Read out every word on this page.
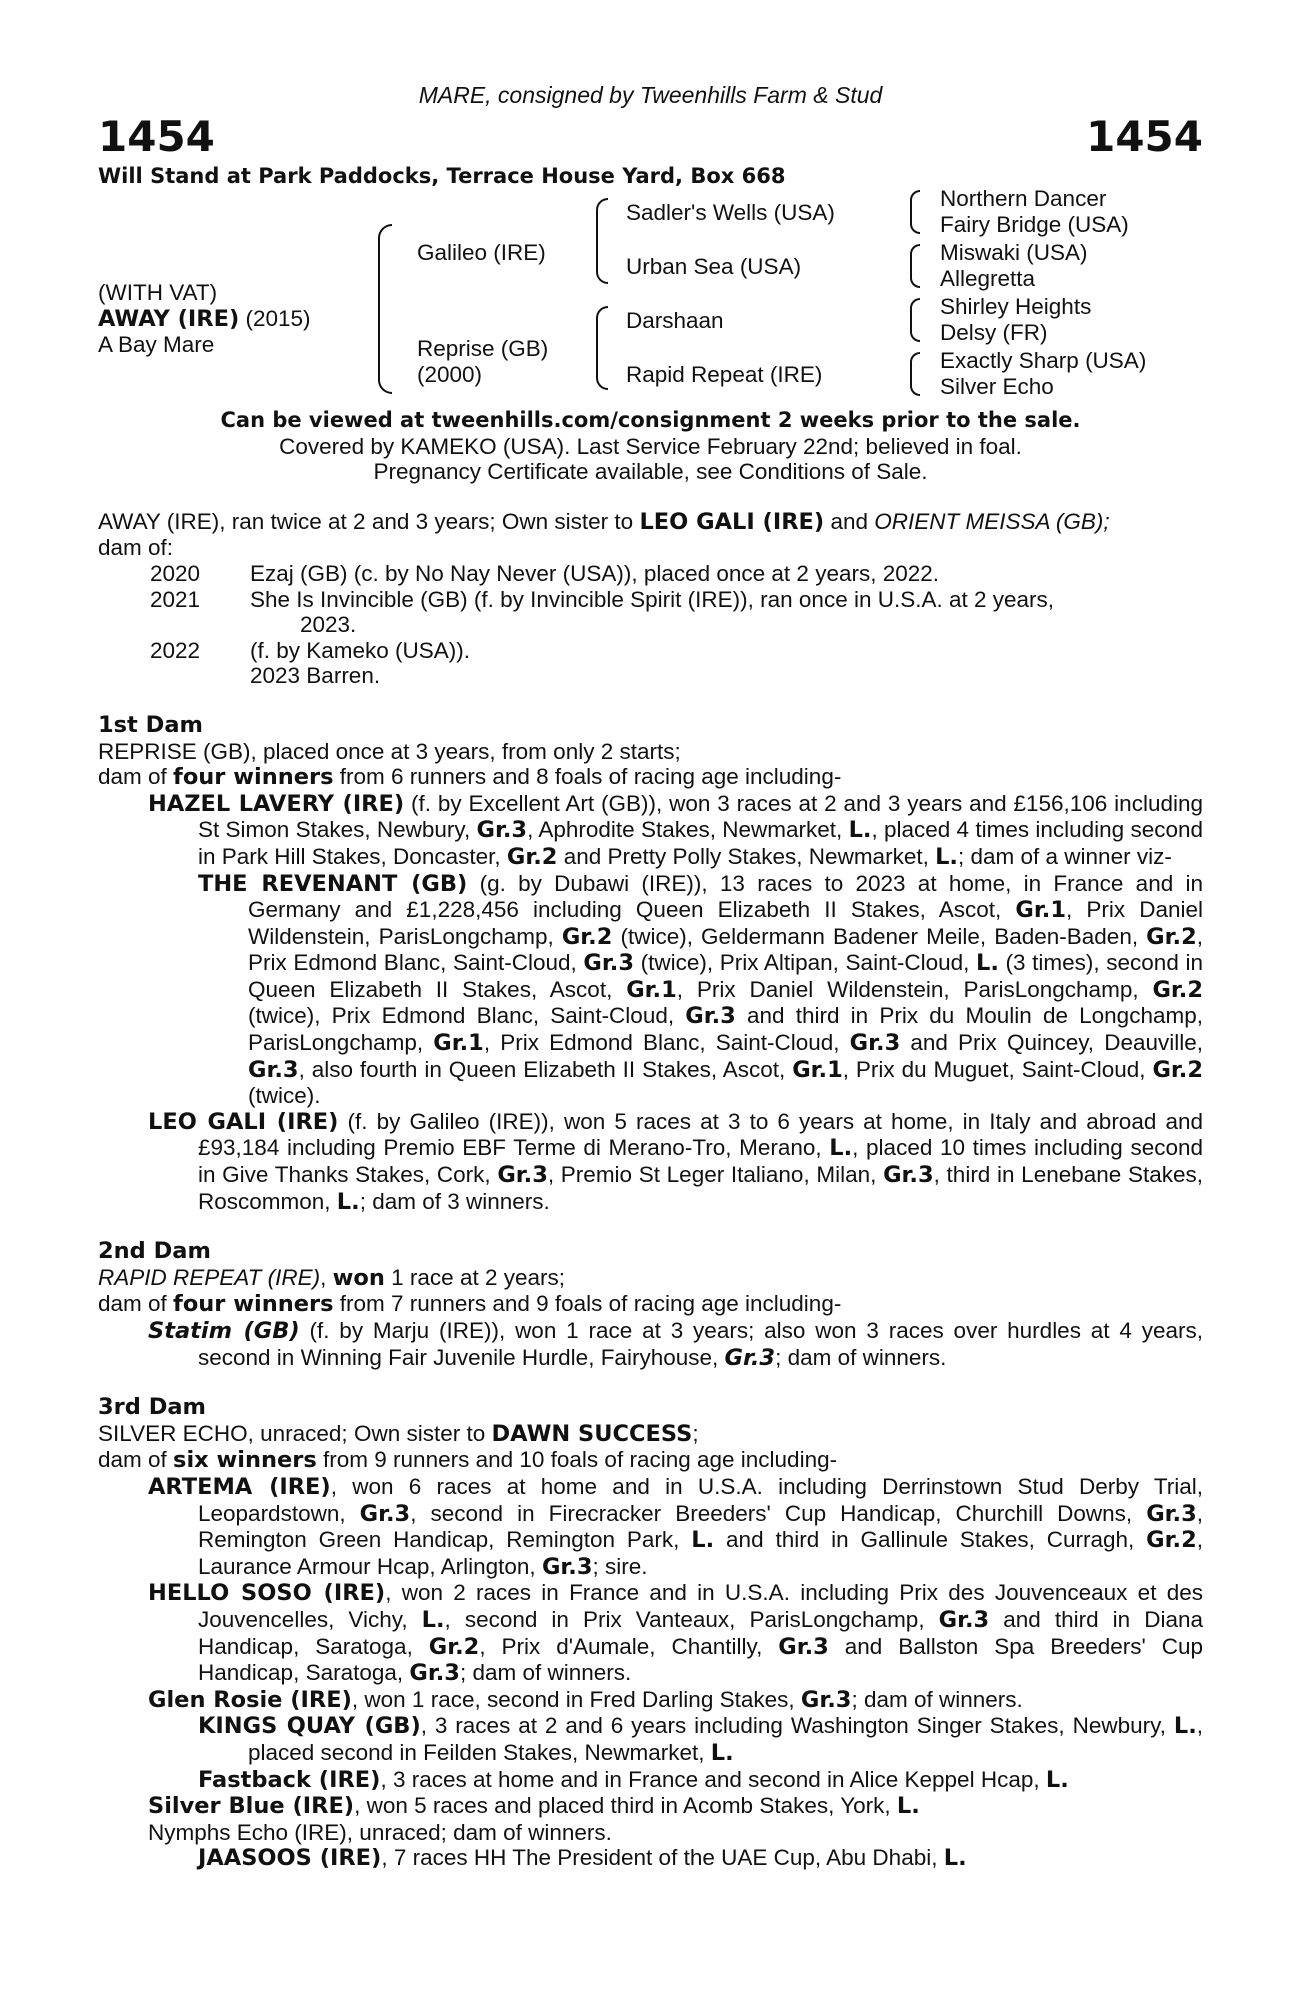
MARE, consigned by Tweenhills Farm & Stud
1454	1454
Will Stand at Park Paddocks, Terrace House Yard, Box 668
(WITH VAT)
AWAY (IRE) (2015)
A Bay Mare
Galileo (IRE)
Reprise (GB)
(2000)
Sadler's Wells (USA)
Urban Sea (USA)
Darshaan
Rapid Repeat (IRE)
Northern Dancer
Fairy Bridge (USA)
Miswaki (USA)
Allegretta
Shirley Heights
Delsy (FR)
Exactly Sharp (USA)
Silver Echo
Can be viewed at tweenhills.com/consignment 2 weeks prior to the sale.
Covered by KAMEKO (USA). Last Service February 22nd; believed in foal.
Pregnancy Certificate available, see Conditions of Sale.
AWAY (IRE), ran twice at 2 and 3 years; Own sister to LEO GALI (IRE) and ORIENT MEISSA (GB);
dam of:
2020	Ezaj (GB) (c. by No Nay Never (USA)), placed once at 2 years, 2022.
2021	She Is Invincible (GB) (f. by Invincible Spirit (IRE)), ran once in U.S.A. at 2 years,
2023.
2022	(f. by Kameko (USA)).
2023 Barren.
1st Dam
REPRISE (GB), placed once at 3 years, from only 2 starts;
dam of four winners from 6 runners and 8 foals of racing age including-
HAZEL LAVERY (IRE) (f. by Excellent Art (GB)), won 3 races at 2 and 3 years and £156,106 including St Simon Stakes, Newbury, Gr.3, Aphrodite Stakes, Newmarket, L., placed 4 times including second in Park Hill Stakes, Doncaster, Gr.2 and Pretty Polly Stakes, Newmarket, L.; dam of a winner viz-
THE REVENANT (GB) (g. by Dubawi (IRE)), 13 races to 2023 at home, in France and in Germany and £1,228,456 including Queen Elizabeth II Stakes, Ascot, Gr.1, Prix Daniel Wildenstein, ParisLongchamp, Gr.2 (twice), Geldermann Badener Meile, Baden-Baden, Gr.2, Prix Edmond Blanc, Saint-Cloud, Gr.3 (twice), Prix Altipan, Saint-Cloud, L. (3 times), second in Queen Elizabeth II Stakes, Ascot, Gr.1, Prix Daniel Wildenstein, ParisLongchamp, Gr.2 (twice), Prix Edmond Blanc, Saint-Cloud, Gr.3 and third in Prix du Moulin de Longchamp, ParisLongchamp, Gr.1, Prix Edmond Blanc, Saint-Cloud, Gr.3 and Prix Quincey, Deauville, Gr.3, also fourth in Queen Elizabeth II Stakes, Ascot, Gr.1, Prix du Muguet, Saint-Cloud, Gr.2 (twice).
LEO GALI (IRE) (f. by Galileo (IRE)), won 5 races at 3 to 6 years at home, in Italy and abroad and £93,184 including Premio EBF Terme di Merano-Tro, Merano, L., placed 10 times including second in Give Thanks Stakes, Cork, Gr.3, Premio St Leger Italiano, Milan, Gr.3, third in Lenebane Stakes, Roscommon, L.; dam of 3 winners.
2nd Dam
RAPID REPEAT (IRE), won 1 race at 2 years;
dam of four winners from 7 runners and 9 foals of racing age including-
Statim (GB) (f. by Marju (IRE)), won 1 race at 3 years; also won 3 races over hurdles at 4 years, second in Winning Fair Juvenile Hurdle, Fairyhouse, Gr.3; dam of winners.
3rd Dam
SILVER ECHO, unraced; Own sister to DAWN SUCCESS;
dam of six winners from 9 runners and 10 foals of racing age including-
ARTEMA (IRE), won 6 races at home and in U.S.A. including Derrinstown Stud Derby Trial, Leopardstown, Gr.3, second in Firecracker Breeders' Cup Handicap, Churchill Downs, Gr.3, Remington Green Handicap, Remington Park, L. and third in Gallinule Stakes, Curragh, Gr.2, Laurance Armour Hcap, Arlington, Gr.3; sire.
HELLO SOSO (IRE), won 2 races in France and in U.S.A. including Prix des Jouvenceaux et des Jouvencelles, Vichy, L., second in Prix Vanteaux, ParisLongchamp, Gr.3 and third in Diana Handicap, Saratoga, Gr.2, Prix d'Aumale, Chantilly, Gr.3 and Ballston Spa Breeders' Cup Handicap, Saratoga, Gr.3; dam of winners.
Glen Rosie (IRE), won 1 race, second in Fred Darling Stakes, Gr.3; dam of winners.
KINGS QUAY (GB), 3 races at 2 and 6 years including Washington Singer Stakes, Newbury, L., placed second in Feilden Stakes, Newmarket, L.
Fastback (IRE), 3 races at home and in France and second in Alice Keppel Hcap, L.
Silver Blue (IRE), won 5 races and placed third in Acomb Stakes, York, L.
Nymphs Echo (IRE), unraced; dam of winners.
JAASOOS (IRE), 7 races HH The President of the UAE Cup, Abu Dhabi, L.
